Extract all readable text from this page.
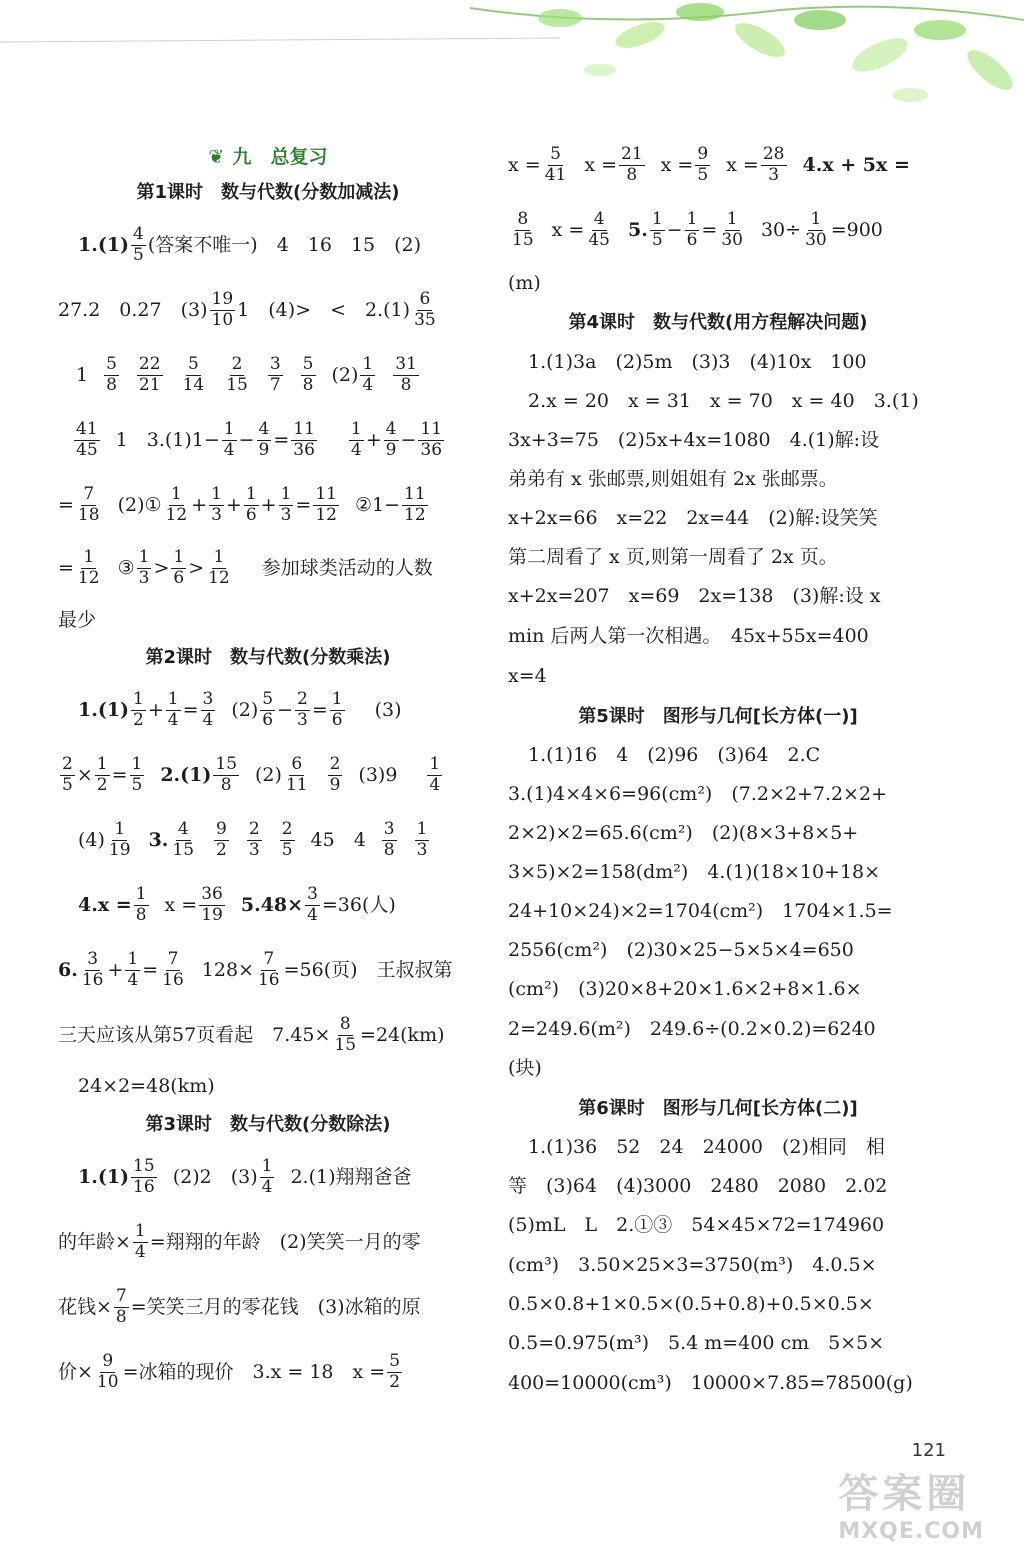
❦ 九　总复习
第1课时　数与代数(分数加减法)
$1.(1) \frac{4}{5}$ (答案不唯一)　4　16　15　(2)
27.2　0.27　$(3) \frac{19}{10} 1$　(4)>　<　$2.(1) \frac{6}{35}$
$1 \frac{5}{8} \frac{22}{21} \frac{5}{14} \frac{2}{15} \frac{3}{7} \frac{5}{8} (2) \frac{1}{4} \frac{31}{8}$
$\frac{41}{45} 1$　$3.(1)1- \frac{1}{4} - \frac{4}{9} = \frac{11}{36} \frac{1}{4} + \frac{4}{9} - \frac{11}{36}$
= $\frac{7}{18}$ (2)① $\frac{1}{12} + \frac{1}{3} + \frac{1}{6} + \frac{1}{3} = \frac{11}{12}$ ②1− $\frac{11}{12}$
= $\frac{1}{12}$ ③ $\frac{1}{3} > \frac{1}{6} > \frac{1}{12}$ 参加球类活动的人数
最少
第2课时　数与代数(分数乘法)
$1.(1) \frac{1}{2} + \frac{1}{4} = \frac{3}{4} (2) \frac{5}{6} - \frac{2}{3} = \frac{1}{6} (3)$
$\frac{2}{5} \times \frac{1}{2} = \frac{1}{5} 2.(1) \frac{15}{8} (2) \frac{6}{11} \frac{2}{9} (3)9 \frac{1}{4}$
$(4) \frac{1}{19} 3$. $\frac{4}{15} \frac{9}{2} \frac{2}{3} \frac{2}{5} 45$　$4 \frac{3}{8} \frac{1}{3}$
$4.x = \frac{1}{8}$ $x = \frac{36}{19} 5.48\times \frac{3}{4} =36$(人)
6. $\frac{3}{16} + \frac{1}{4} = \frac{7}{16} 128\times \frac{7}{16} =56$(页)　王叔叔第
三天应该从第57页看起　$7.45\times \frac{8}{15} =24(km)$
24×2=48(km)
第3课时　数与代数(分数除法)
$1.(1) \frac{15}{16} (2)2$　$(3) \frac{1}{4} 2.(1)$翔翔爸爸
的年龄× $\frac{1}{4}$ =翔翔的年龄　(2)笑笑一月的零
花钱× $\frac{7}{8}$ =笑笑三月的零花钱　(3)冰箱的原
价× $\frac{9}{10}$ =冰箱的现价　3.x = 18　$x = \frac{5}{2}$
$x = \frac{5}{41}$ $x = \frac{21}{8}$ $x = \frac{9}{5}$ $x = \frac{28}{3} 4.x + 5x$ =
$\frac{8}{15}$ $x = \frac{4}{45} 5$. $\frac{1}{5} - \frac{1}{6} = \frac{1}{30} 30\div \frac{1}{30} =900$
(m)
第4课时　数与代数(用方程解决问题)
1.(1)3a　(2)5m　(3)3　(4)10x　100
2.x = 20　x = 31　x = 70　x = 40　3.(1)
3x+3=75　(2)5x+4x=1080　4.(1)解:设
弟弟有 x 张邮票,则姐姐有 2x 张邮票。
x+2x=66　x=22　2x=44　(2)解:设笑笑
第二周看了 x 页,则第一周看了 2x 页。
x+2x=207　x=69　2x=138　(3)解:设 x
min 后两人第一次相遇。　45x+55x=400
x=4
第5课时　图形与几何[长方体(一)]
1.(1)16　4　(2)96　(3)64　2.C
3.(1)4×4×6=96(cm²)　(7.2×2+7.2×2+
2×2)×2=65.6(cm²)　(2)(8×3+8×5+
3×5)×2=158(dm²)　4.(1)(18×10+18×
24+10×24)×2=1704(cm²)　1704×1.5=
2556(cm²)　(2)30×25−5×5×4=650
(cm²)　(3)20×8+20×1.6×2+8×1.6×
2=249.6(m²)　249.6÷(0.2×0.2)=6240
(块)
第6课时　图形与几何[长方体(二)]
1.(1)36　52　24　24000　(2)相同　相
等　(3)64　(4)3000　2480　2080　2.02
(5)mL　L　2.①③　54×45×72=174960
(cm³)　3.50×25×3=3750(m³)　4.0.5×
0.5×0.8+1×0.5×(0.5+0.8)+0.5×0.5×
0.5=0.975(m³)　5.4 m=400 cm　5×5×
400=10000(cm³)　10000×7.85=78500(g)
121
答案圈
MXQE.COM
